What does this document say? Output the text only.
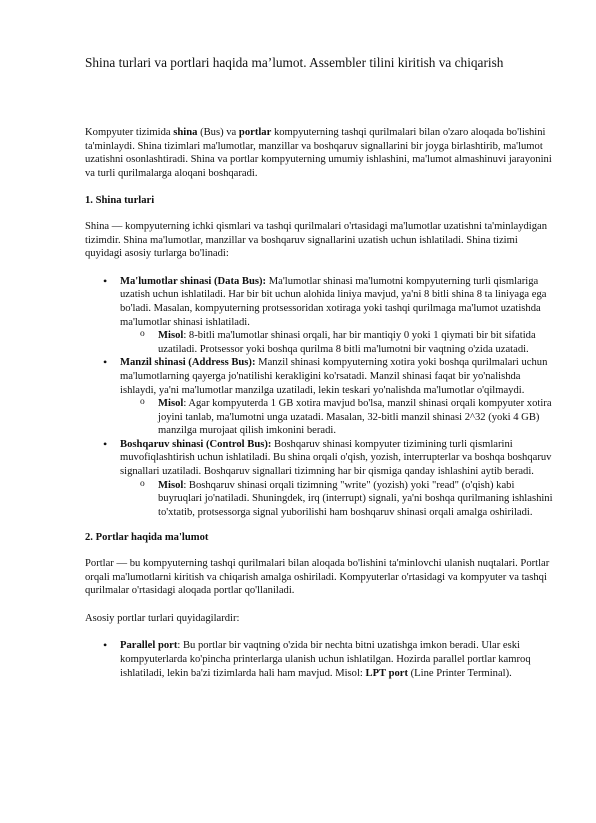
Shina turlari va portlari haqida ma’lumot. Assembler tilini kiritish va chiqarish

Kompyuter tizimida shina (Bus) va portlar kompyuterning tashqi qurilmalari bilan o'zaro aloqada bo'lishini ta'minlaydi. Shina tizimlari ma'lumotlar, manzillar va boshqaruv signallarini bir joyga birlashtirib, ma'lumot uzatishni osonlashtiradi. Shina va portlar kompyuterning umumiy ishlashini, ma'lumot almashinuvi jarayonini va turli qurilmalarga aloqani boshqaradi.

1. Shina turlari

Shina — kompyuterning ichki qismlari va tashqi qurilmalari o'rtasidagi ma'lumotlar uzatishni ta'minlaydigan tizimdir. Shina ma'lumotlar, manzillar va boshqaruv signallarini uzatish uchun ishlatiladi. Shina tizimi quyidagi asosiy turlarga bo'linadi:

• Ma'lumotlar shinasi (Data Bus): Ma'lumotlar shinasi ma'lumotni kompyuterning turli qismlariga uzatish uchun ishlatiladi. Har bir bit uchun alohida liniya mavjud, ya'ni 8 bitli shina 8 ta liniyaga ega bo'ladi. Masalan, kompyuterning protsessoridan xotiraga yoki tashqi qurilmaga ma'lumot uzatishda ma'lumotlar shinasi ishlatiladi.
o Misol: 8-bitli ma'lumotlar shinasi orqali, har bir mantiqiy 0 yoki 1 qiymati bir bit sifatida uzatiladi. Protsessor yoki boshqa qurilma 8 bitli ma'lumotni bir vaqtning o'zida uzatadi.
• Manzil shinasi (Address Bus): Manzil shinasi kompyuterning xotira yoki boshqa qurilmalari uchun ma'lumotlarning qayerga jo'natilishi kerakligini ko'rsatadi. Manzil shinasi faqat bir yo'nalishda ishlaydi, ya'ni ma'lumotlar manzilga uzatiladi, lekin teskari yo'nalishda ma'lumotlar o'qilmaydi.
o Misol: Agar kompyuterda 1 GB xotira mavjud bo'lsa, manzil shinasi orqali kompyuter xotira joyini tanlab, ma'lumotni unga uzatadi. Masalan, 32-bitli manzil shinasi 2^32 (yoki 4 GB) manzilga murojaat qilish imkonini beradi.
• Boshqaruv shinasi (Control Bus): Boshqaruv shinasi kompyuter tizimining turli qismlarini muvofiqlashtirish uchun ishlatiladi. Bu shina orqali o'qish, yozish, interrupterlar va boshqa boshqaruv signallari uzatiladi. Boshqaruv signallari tizimning har bir qismiga qanday ishlashini aytib beradi.
o Misol: Boshqaruv shinasi orqali tizimning "write" (yozish) yoki "read" (o'qish) kabi buyruqlari jo'natiladi. Shuningdek, irq (interrupt) signali, ya'ni boshqa qurilmaning ishlashini to'xtatib, protsessorga signal yuborilishi ham boshqaruv shinasi orqali amalga oshiriladi.

2. Portlar haqida ma'lumot

Portlar — bu kompyuterning tashqi qurilmalari bilan aloqada bo'lishini ta'minlovchi ulanish nuqtalari. Portlar orqali ma'lumotlarni kiritish va chiqarish amalga oshiriladi. Kompyuterlar o'rtasidagi va kompyuter va tashqi qurilmalar o'rtasidagi aloqada portlar qo'llaniladi.

Asosiy portlar turlari quyidagilardir:

• Parallel port: Bu portlar bir vaqtning o'zida bir nechta bitni uzatishga imkon beradi. Ular eski kompyuterlarda ko'pincha printerlarga ulanish uchun ishlatilgan. Hozirda parallel portlar kamroq ishlatiladi, lekin ba'zi tizimlarda hali ham mavjud. Misol: LPT port (Line Printer Terminal).
